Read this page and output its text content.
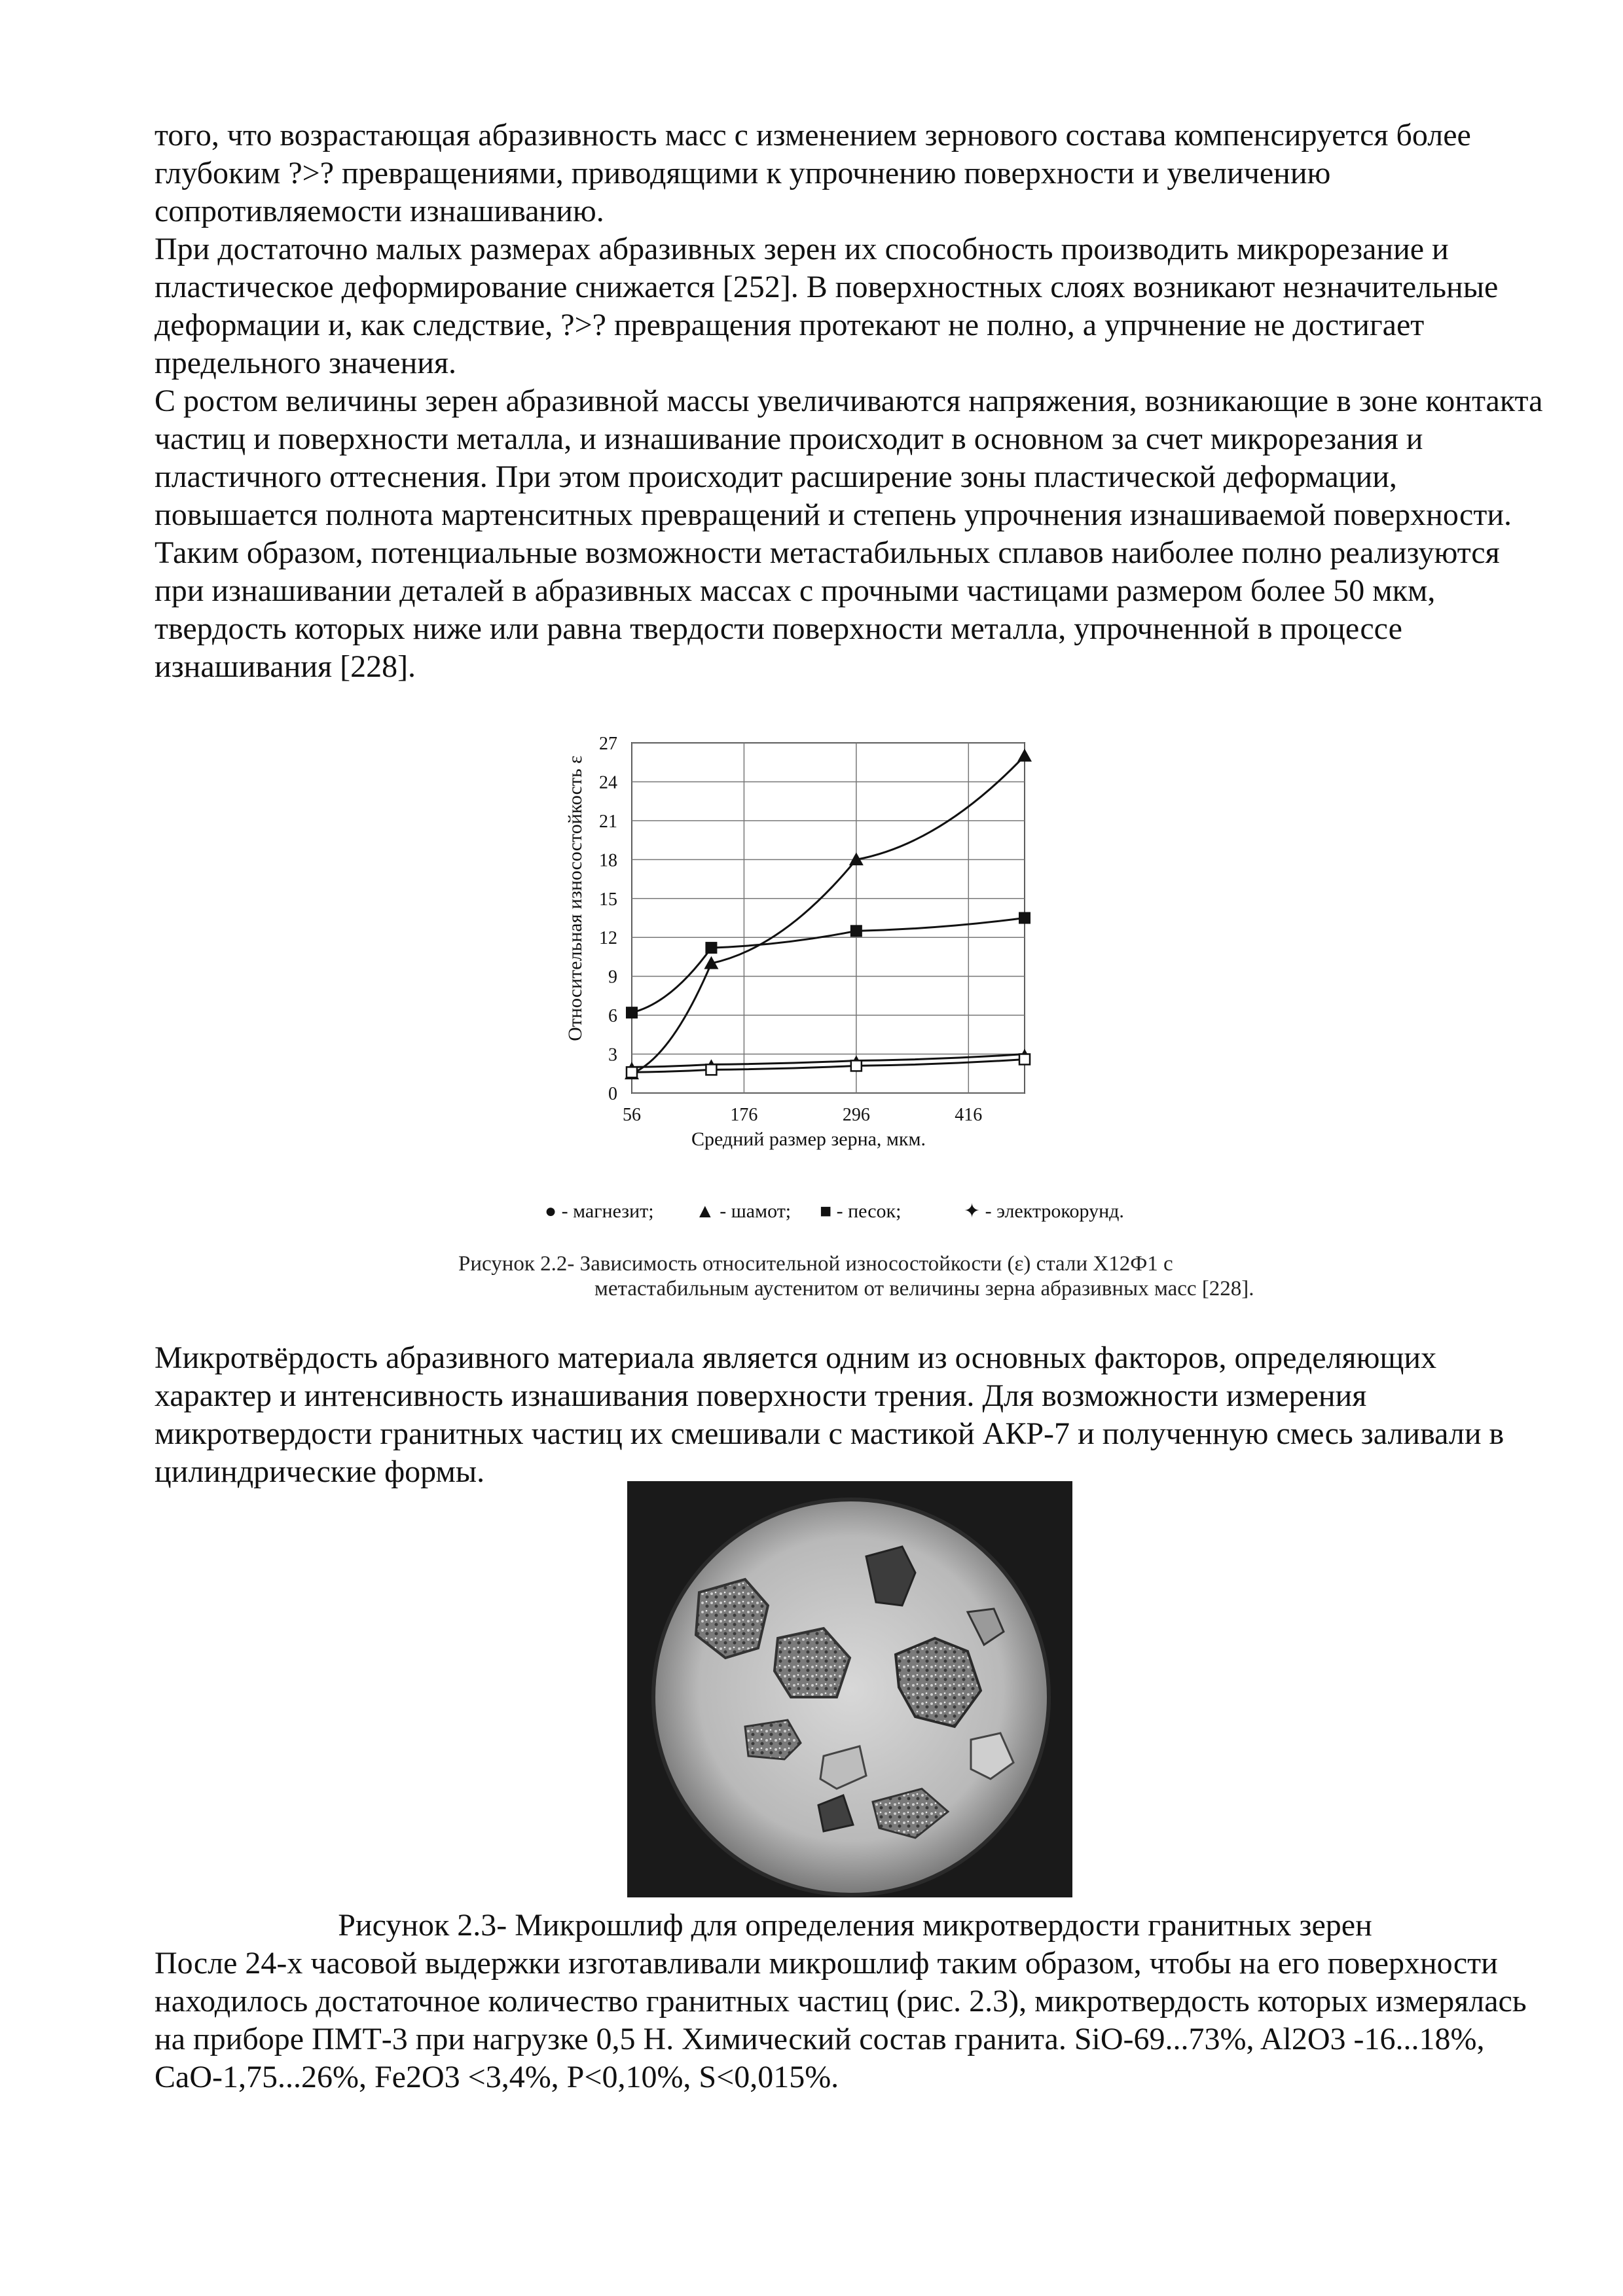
того, что возрастающая абразивность масс с изменением зернового состава компенсируется более глубоким ?>? превращениями, приводящими к упрочнению поверхности и увеличению сопротивляемости изнашиванию.

При достаточно малых размерах абразивных зерен их способность производить микрорезание и пластическое деформирование снижается [252]. В поверхностных слоях возникают незначительные деформации и, как следствие, ?>? превращения протекают не полно, а упрчнение не достигает предельного значения.

С ростом величины зерен абразивной массы увеличиваются напряжения, возникающие в зоне контакта частиц и поверхности металла, и изнашивание происходит в основном за счет микрорезания и пластичного оттеснения. При этом происходит расширение зоны пластической деформации, повышается полнота мартенситных превращений и степень упрочнения изнашиваемой поверхности.

Таким образом, потенциальные возможности метастабильных сплавов наиболее полно реализуются при изнашивании деталей в абразивных массах с прочными частицами размером более 50 мкм, твердость которых ниже или равна твердости поверхности металла, упрочненной в процессе изнашивания [228].

0
3
6
9
12
15
18
21
24
27
56	176	296	416
Средний размер зерна, мкм.
Относительная износостойкость ε
● - магнезит; ▲ - шамот; ■ - песок;	✦ - электрокорунд.
Рисунок 2.2- Зависимость относительной износостойкости (ε) стали Х12Ф1 с
метастабильным аустенитом от величины зерна абразивных масс [228].

Микротвёрдость абразивного материала является одним из основных факторов, определяющих характер и интенсивность изнашивания поверхности трения. Для возможности измерения микротвердости гранитных частиц их смешивали с мастикой АКР-7 и полученную смесь заливали в цилиндрические формы.

Рисунок 2.3- Микрошлиф для определения микротвердости гранитных зерен

После 24-х часовой выдержки изготавливали микрошлиф таким образом, чтобы на его поверхности находилось достаточное количество гранитных частиц (рис. 2.3), микротвердость которых измерялась на приборе ПМТ-3 при нагрузке 0,5 Н. Химический состав гранита. SiO-69...73%, Al2O3 -16...18%, CaO-1,75...26%, Fe2O3 <3,4%, P<0,10%, S<0,015%.
